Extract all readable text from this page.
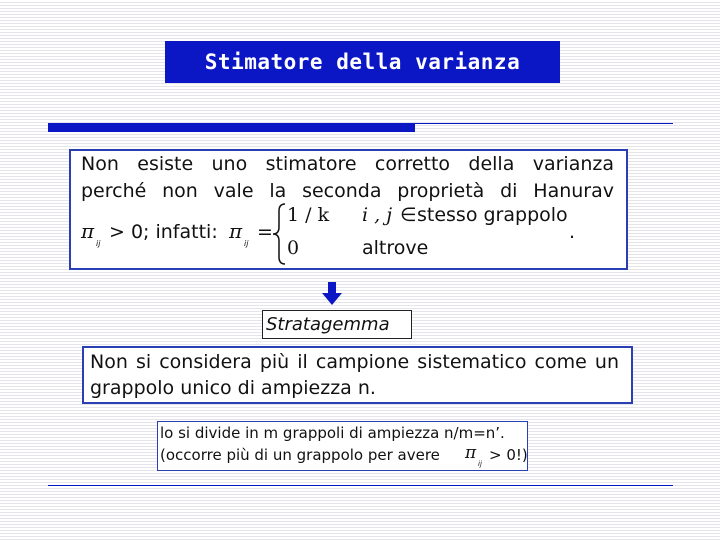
Stimatore della varianza
Non esiste uno stimatore corretto della varianza
perché non vale la seconda proprietà di Hanurav
π
ij
> 0; infatti: π
ij
=
1 / k i , j ∈ stesso grappolo
0	altrove
.
Stratagemma
Non si considera più il campione sistematico come un
grappolo unico di ampiezza n.
lo si divide in m grappoli di ampiezza n/m=n’.
(occorre più di un grappolo per avere π
ij > 0!)
